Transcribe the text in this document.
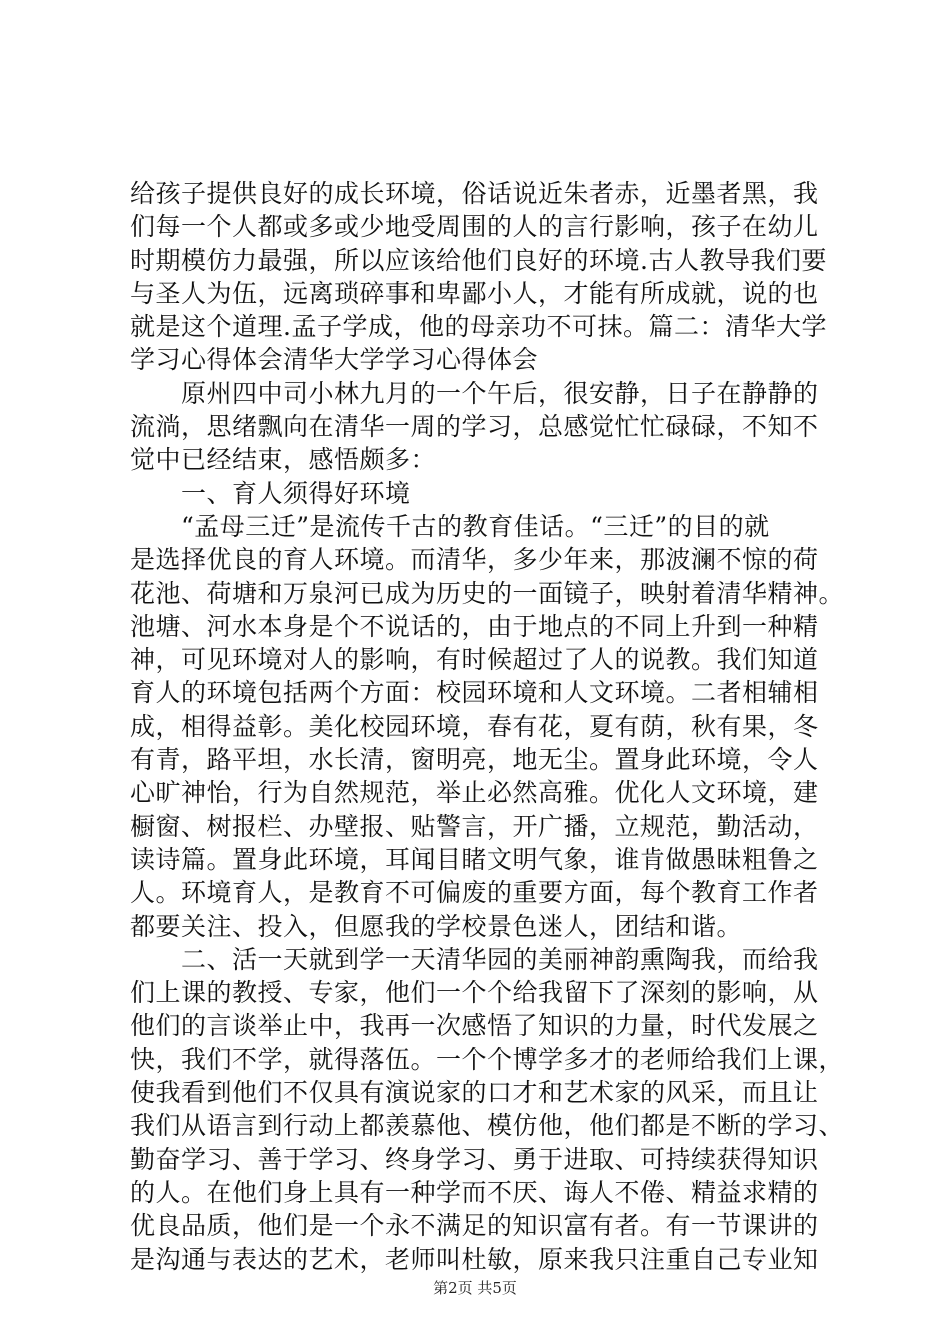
给孩子提供良好的成长环境，俗话说近朱者赤，近墨者黑，我
们每一个人都或多或少地受周围的人的言行影响，孩子在幼儿
时期模仿力最强，所以应该给他们良好的环境.古人教导我们要
与圣人为伍，远离琐碎事和卑鄙小人，才能有所成就，说的也
就是这个道理.孟子学成，他的母亲功不可抹。篇二：清华大学
学习心得体会清华大学学习心得体会
　　原州四中司小林九月的一个午后，很安静，日子在静静的
流淌，思绪飘向在清华一周的学习，总感觉忙忙碌碌，不知不
觉中已经结束，感悟颇多：
　　一、育人须得好环境
　　“孟母三迁”是流传千古的教育佳话。“三迁”的目的就
是选择优良的育人环境。而清华，多少年来，那波澜不惊的荷
花池、荷塘和万泉河已成为历史的一面镜子，映射着清华精神。
池塘、河水本身是个不说话的，由于地点的不同上升到一种精
神，可见环境对人的影响，有时候超过了人的说教。我们知道
育人的环境包括两个方面：校园环境和人文环境。二者相辅相
成，相得益彰。美化校园环境，春有花，夏有荫，秋有果，冬
有青，路平坦，水长清，窗明亮，地无尘。置身此环境，令人
心旷神怡，行为自然规范，举止必然高雅。优化人文环境，建
橱窗、树报栏、办壁报、贴警言，开广播，立规范，勤活动，
读诗篇。置身此环境，耳闻目睹文明气象，谁肯做愚昧粗鲁之
人。环境育人，是教育不可偏废的重要方面，每个教育工作者
都要关注、投入，但愿我的学校景色迷人，团结和谐。
　　二、活一天就到学一天清华园的美丽神韵熏陶我，而给我
们上课的教授、专家，他们一个个给我留下了深刻的影响，从
他们的言谈举止中，我再一次感悟了知识的力量，时代发展之
快，我们不学，就得落伍。一个个博学多才的老师给我们上课，
使我看到他们不仅具有演说家的口才和艺术家的风采，而且让
我们从语言到行动上都羡慕他、模仿他，他们都是不断的学习、
勤奋学习、善于学习、终身学习、勇于进取、可持续获得知识
的人。在他们身上具有一种学而不厌、诲人不倦、精益求精的
优良品质，他们是一个永不满足的知识富有者。有一节课讲的
是沟通与表达的艺术，老师叫杜敏，原来我只注重自己专业知
第2页 共5页
